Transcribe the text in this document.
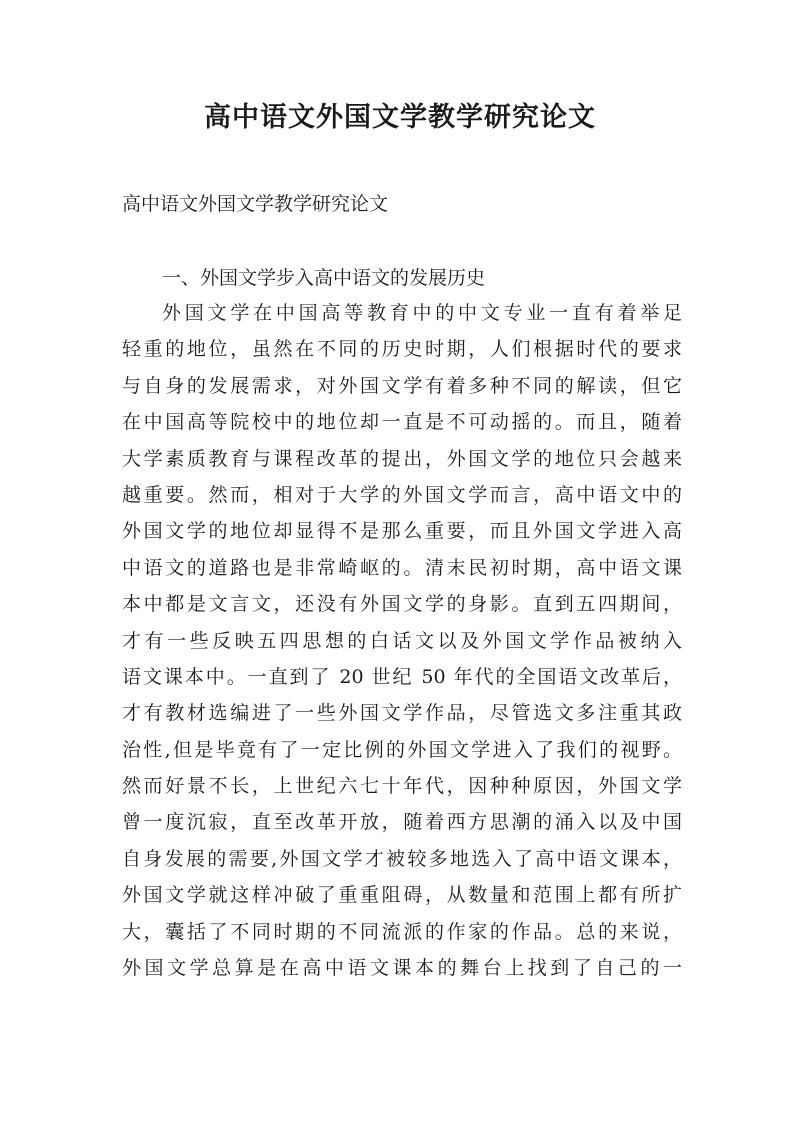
高中语文外国文学教学研究论文

高中语文外国文学教学研究论文

一、外国文学步入高中语文的发展历史

外国文学在中国高等教育中的中文专业一直有着举足
轻重的地位，虽然在不同的历史时期，人们根据时代的要求
与自身的发展需求，对外国文学有着多种不同的解读，但它
在中国高等院校中的地位却一直是不可动摇的。而且，随着
大学素质教育与课程改革的提出，外国文学的地位只会越来
越重要。然而，相对于大学的外国文学而言，高中语文中的
外国文学的地位却显得不是那么重要，而且外国文学进入高
中语文的道路也是非常崎岖的。清末民初时期，高中语文课
本中都是文言文，还没有外国文学的身影。直到五四期间，
才有一些反映五四思想的白话文以及外国文学作品被纳入
语文课本中。一直到了 20 世纪 50 年代的全国语文改革后，
才有教材选编进了一些外国文学作品，尽管选文多注重其政
治性,但是毕竟有了一定比例的外国文学进入了我们的视野。
然而好景不长，上世纪六七十年代，因种种原因，外国文学
曾一度沉寂，直至改革开放，随着西方思潮的涌入以及中国
自身发展的需要,外国文学才被较多地选入了高中语文课本，
外国文学就这样冲破了重重阻碍，从数量和范围上都有所扩
大，囊括了不同时期的不同流派的作家的作品。总的来说，
外国文学总算是在高中语文课本的舞台上找到了自己的一
